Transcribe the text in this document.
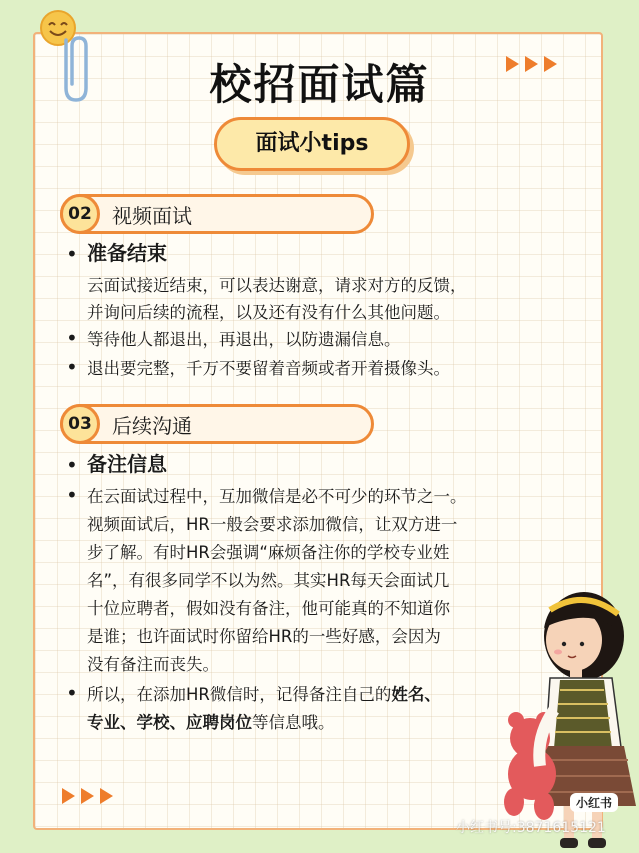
校招面试篇
面试小tips
02	视频面试
• 准备结束
云面试接近结束，可以表达谢意，请求对方的反馈，
并询问后续的流程，以及还有没有什么其他问题。
• 等待他人都退出，再退出，以防遗漏信息。
• 退出要完整，千万不要留着音频或者开着摄像头。
03	后续沟通
• 备注信息
• 在云面试过程中，互加微信是必不可少的环节之一。
视频面试后，HR一般会要求添加微信，让双方进一
步了解。有时HR会强调“麻烦备注你的学校专业姓
名”，有很多同学不以为然。其实HR每天会面试几
十位应聘者，假如没有备注，他可能真的不知道你
是谁；也许面试时你留给HR的一些好感，会因为
没有备注而丧失。
• 所以，在添加HR微信时，记得备注自己的姓名、
专业、学校、应聘岗位等信息哦。
小红书
小红书号:3871615121
